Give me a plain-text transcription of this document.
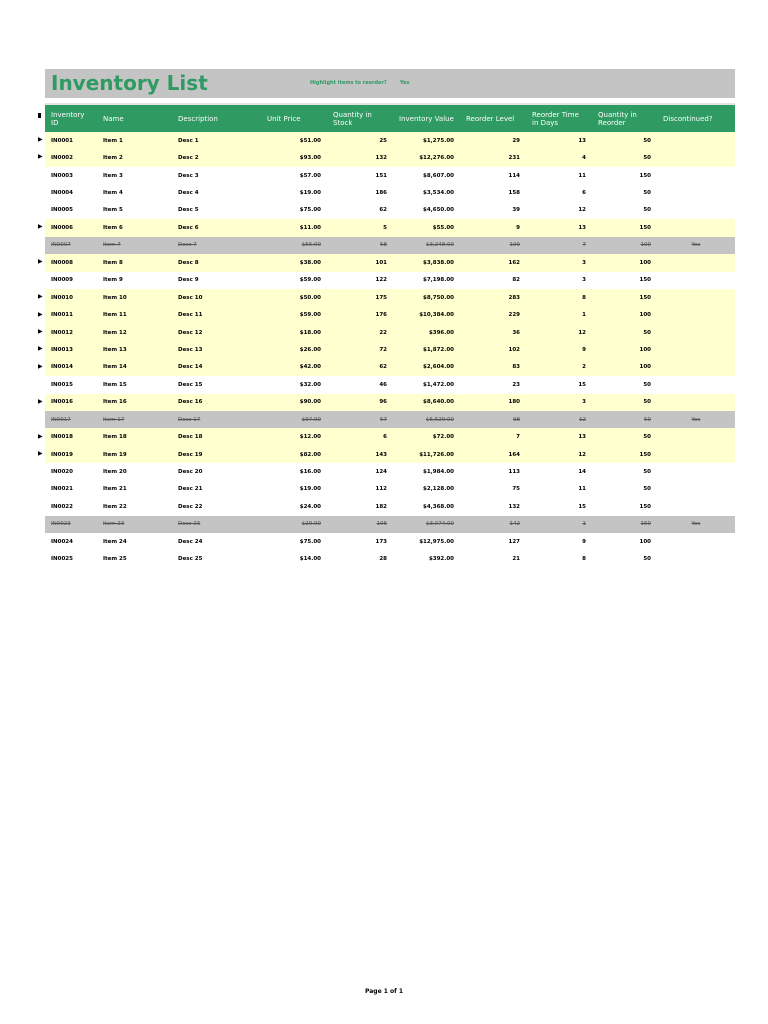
Inventory List	Highlight items to reorder?	Yes
Inventory ID	Name	Description	Unit Price	Quantity in Stock	Inventory Value	Reorder Level	Reorder Time in Days	Quantity in Reorder	Discontinued?
IN0001	Item 1	Desc 1	$51.00	25	$1,275.00	29	13	50	
IN0002	Item 2	Desc 2	$93.00	132	$12,276.00	231	4	50	
IN0003	Item 3	Desc 3	$57.00	151	$8,607.00	114	11	150	
IN0004	Item 4	Desc 4	$19.00	186	$3,534.00	158	6	50	
IN0005	Item 5	Desc 5	$75.00	62	$4,650.00	39	12	50	
IN0006	Item 6	Desc 6	$11.00	5	$55.00	9	13	150	
IN0007	Item 7	Desc 7	$56.00	58	$3,248.00	109	7	100	Yes
IN0008	Item 8	Desc 8	$38.00	101	$3,838.00	162	3	100	
IN0009	Item 9	Desc 9	$59.00	122	$7,198.00	82	3	150	
IN0010	Item 10	Desc 10	$50.00	175	$8,750.00	283	8	150	
IN0011	Item 11	Desc 11	$59.00	176	$10,384.00	229	1	100	
IN0012	Item 12	Desc 12	$18.00	22	$396.00	36	12	50	
IN0013	Item 13	Desc 13	$26.00	72	$1,872.00	102	9	100	
IN0014	Item 14	Desc 14	$42.00	62	$2,604.00	83	2	100	
IN0015	Item 15	Desc 15	$32.00	46	$1,472.00	23	15	50	
IN0016	Item 16	Desc 16	$90.00	96	$8,640.00	180	3	50	
IN0017	Item 17	Desc 17	$97.00	57	$5,529.00	98	12	50	Yes
IN0018	Item 18	Desc 18	$12.00	6	$72.00	7	13	50	
IN0019	Item 19	Desc 19	$82.00	143	$11,726.00	164	12	150	
IN0020	Item 20	Desc 20	$16.00	124	$1,984.00	113	14	50	
IN0021	Item 21	Desc 21	$19.00	112	$2,128.00	75	11	50	
IN0022	Item 22	Desc 22	$24.00	182	$4,368.00	132	15	150	
IN0023	Item 23	Desc 23	$29.00	106	$3,074.00	142	1	150	Yes
IN0024	Item 24	Desc 24	$75.00	173	$12,975.00	127	9	100	
IN0025	Item 25	Desc 25	$14.00	28	$392.00	21	8	50	
▶
▶
▶
▶
▶
▶
▶
▶
▶
▶
▶
▶
Page 1 of 1
